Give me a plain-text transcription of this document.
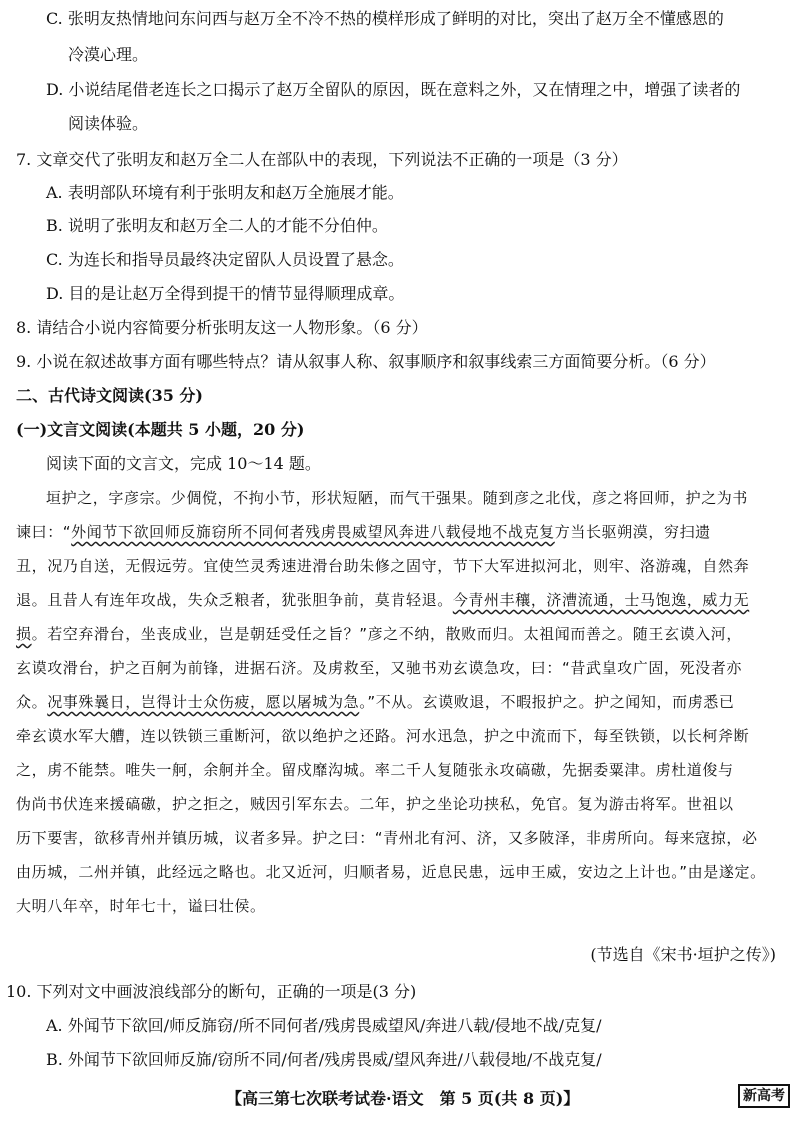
C. 张明友热情地问东问西与赵万全不冷不热的模样形成了鲜明的对比，突出了赵万全不懂感恩的
冷漠心理。
D. 小说结尾借老连长之口揭示了赵万全留队的原因，既在意料之外，又在情理之中，增强了读者的
阅读体验。
7. 文章交代了张明友和赵万全二人在部队中的表现，下列说法不正确的一项是（3 分）
A. 表明部队环境有利于张明友和赵万全施展才能。
B. 说明了张明友和赵万全二人的才能不分伯仲。
C. 为连长和指导员最终决定留队人员设置了悬念。
D. 目的是让赵万全得到提干的情节显得顺理成章。
8. 请结合小说内容简要分析张明友这一人物形象。（6 分）
9. 小说在叙述故事方面有哪些特点？请从叙事人称、叙事顺序和叙事线索三方面简要分析。（6 分）
二、古代诗文阅读(35 分)
(一)文言文阅读(本题共 5 小题，20 分)
阅读下面的文言文，完成 10～14 题。
垣护之，字彦宗。少倜傥，不拘小节，形状短陋，而气干强果。随到彦之北伐，彦之将回师，护之为书
谏曰：“外闻节下欲回师反旆窃所不同何者残虏畏威望风奔进八载侵地不战克复方当长驱朔漠，穷扫遗
丑，况乃自送，无假远劳。宜使竺灵秀速进滑台助朱修之固守，节下大军进拟河北，则牢、洛游魂，自然奔
退。且昔人有连年攻战，失众乏粮者，犹张胆争前，莫肯轻退。今青州丰穰，济漕流通，士马饱逸，威力无
损。若空弃滑台，坐丧成业，岂是朝廷受任之旨？”彦之不纳，散败而归。太祖闻而善之。随王玄谟入河，
玄谟攻滑台，护之百舸为前锋，进据石济。及虏救至，又驰书劝玄谟急攻，曰：“昔武皇攻广固，死没者亦
众。况事殊曩日，岂得计士众伤疲，愿以屠城为急。”不从。玄谟败退，不暇报护之。护之闻知，而虏悉已
牵玄谟水军大艚，连以铁锁三重断河，欲以绝护之还路。河水迅急，护之中流而下，每至铁锁，以长柯斧断
之，虏不能禁。唯失一舸，余舸并全。留戍靡沟城。率二千人复随张永攻碻磝，先据委粟津。虏杜道俊与
伪尚书伏连来援碻磝，护之拒之，贼因引军东去。二年，护之坐论功挟私，免官。复为游击将军。世祖以
历下要害，欲移青州并镇历城，议者多异。护之曰：“青州北有河、济，又多陂泽，非虏所向。每来寇掠，必
由历城，二州并镇，此经远之略也。北又近河，归顺者易，近息民患，远申王威，安边之上计也。”由是遂定。
大明八年卒，时年七十，谥曰壮侯。
(节选自《宋书·垣护之传》)
10. 下列对文中画波浪线部分的断句，正确的一项是(3 分)
A. 外闻节下欲回/师反旆窃/所不同何者/残虏畏威望风/奔进八载/侵地不战/克复/
B. 外闻节下欲回师反旆/窃所不同/何者/残虏畏威/望风奔进/八载侵地/不战克复/
【高三第七次联考试卷·语文　第 5 页(共 8 页)】	新高考
